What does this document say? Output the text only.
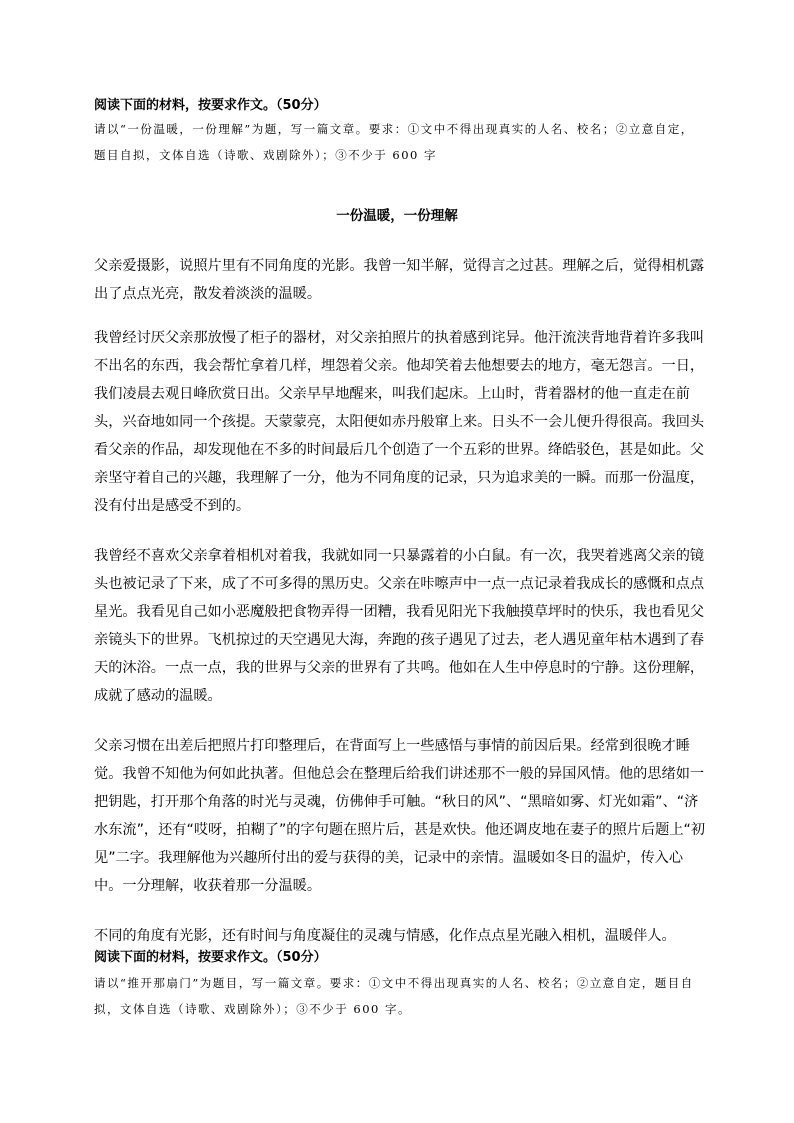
阅读下面的材料，按要求作文。（50分）
请以“一份温暖，一份理解”为题，写一篇文章。要求：①文中不得出现真实的人名、校名；②立意自定，题目自拟，文体自选（诗歌、戏剧除外）；③不少于 600 字
一份温暖，一份理解

父亲爱摄影，说照片里有不同角度的光影。我曾一知半解，觉得言之过甚。理解之后，觉得相机露出了点点光亮，散发着淡淡的温暖。

我曾经讨厌父亲那放慢了柜子的器材，对父亲拍照片的执着感到诧异。他汗流浃背地背着许多我叫不出名的东西，我会帮忙拿着几样，埋怨着父亲。他却笑着去他想要去的地方，毫无怨言。一日，我们凌晨去观日峰欣赏日出。父亲早早地醒来，叫我们起床。上山时，背着器材的他一直走在前头，兴奋地如同一个孩提。天蒙蒙亮，太阳便如赤丹般窜上来。日头不一会儿便升得很高。我回头看父亲的作品，却发现他在不多的时间最后几个创造了一个五彩的世界。绛皓驳色，甚是如此。父亲坚守着自己的兴趣，我理解了一分，他为不同角度的记录，只为追求美的一瞬。而那一份温度，没有付出是感受不到的。

我曾经不喜欢父亲拿着相机对着我，我就如同一只暴露着的小白鼠。有一次，我哭着逃离父亲的镜头也被记录了下来，成了不可多得的黑历史。父亲在咔嚓声中一点一点记录着我成长的感慨和点点星光。我看见自己如小恶魔般把食物弄得一团糟，我看见阳光下我触摸草坪时的快乐，我也看见父亲镜头下的世界。飞机掠过的天空遇见大海，奔跑的孩子遇见了过去，老人遇见童年枯木遇到了春天的沐浴。一点一点，我的世界与父亲的世界有了共鸣。他如在人生中停息时的宁静。这份理解，成就了感动的温暖。

父亲习惯在出差后把照片打印整理后，在背面写上一些感悟与事情的前因后果。经常到很晚才睡觉。我曾不知他为何如此执著。但他总会在整理后给我们讲述那不一般的异国风情。他的思绪如一把钥匙，打开那个角落的时光与灵魂，仿佛伸手可触。“秋日的风”、“黑暗如雾、灯光如霜”、“济水东流”，还有“哎呀，拍糊了”的字句题在照片后，甚是欢快。他还调皮地在妻子的照片后题上“初见”二字。我理解他为兴趣所付出的爱与获得的美，记录中的亲情。温暖如冬日的温炉，传入心中。一分理解，收获着那一分温暖。

不同的角度有光影，还有时间与角度凝住的灵魂与情感，化作点点星光融入相机，温暖伴人。

阅读下面的材料，按要求作文。（50分）
请以“推开那扇门”为题目，写一篇文章。要求：①文中不得出现真实的人名、校名；②立意自定，题目自拟，文体自选（诗歌、戏剧除外）；③不少于 600 字。
